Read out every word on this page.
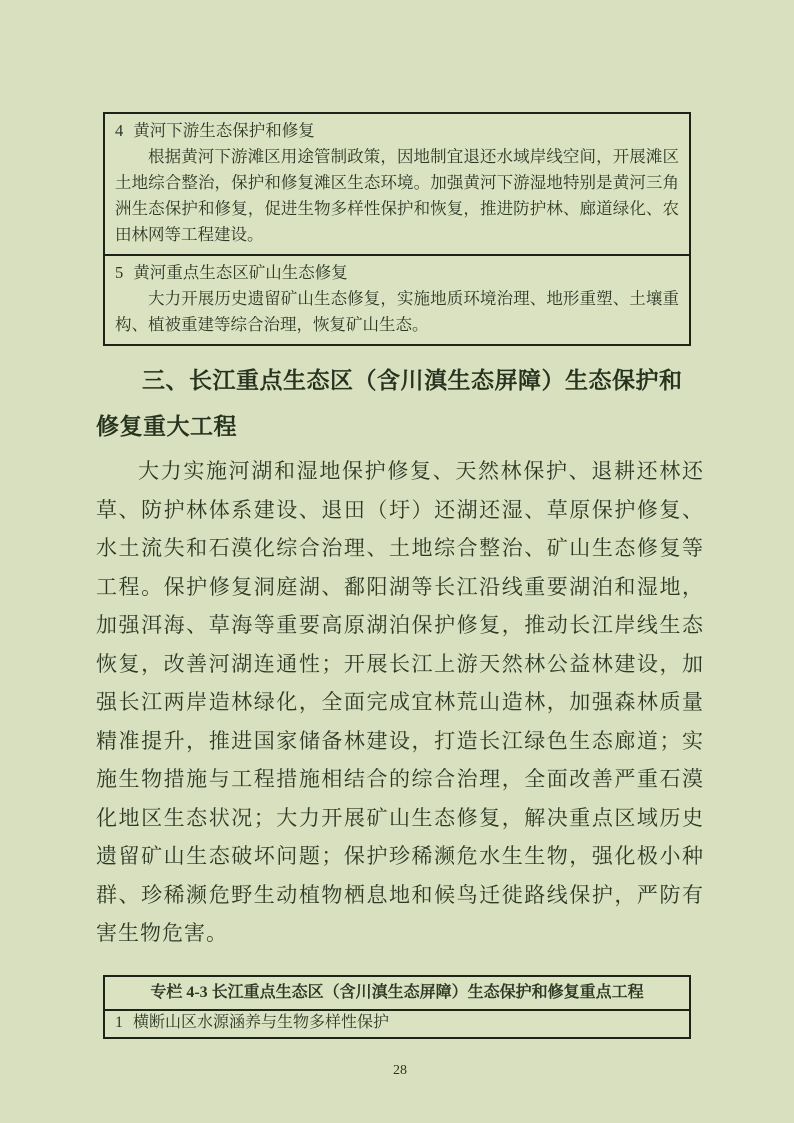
4 黄河下游生态保护和修复
根据黄河下游滩区用途管制政策，因地制宜退还水域岸线空间，开展滩区土地综合整治，保护和修复滩区生态环境。加强黄河下游湿地特别是黄河三角洲生态保护和修复，促进生物多样性保护和恢复，推进防护林、廊道绿化、农田林网等工程建设。
5 黄河重点生态区矿山生态修复
大力开展历史遗留矿山生态修复，实施地质环境治理、地形重塑、土壤重构、植被重建等综合治理，恢复矿山生态。
三、长江重点生态区（含川滇生态屏障）生态保护和修复重大工程

大力实施河湖和湿地保护修复、天然林保护、退耕还林还草、防护林体系建设、退田（圩）还湖还湿、草原保护修复、水土流失和石漠化综合治理、土地综合整治、矿山生态修复等工程。保护修复洞庭湖、鄱阳湖等长江沿线重要湖泊和湿地，加强洱海、草海等重要高原湖泊保护修复，推动长江岸线生态恢复，改善河湖连通性；开展长江上游天然林公益林建设，加强长江两岸造林绿化，全面完成宜林荒山造林，加强森林质量精准提升，推进国家储备林建设，打造长江绿色生态廊道；实施生物措施与工程措施相结合的综合治理，全面改善严重石漠化地区生态状况；大力开展矿山生态修复，解决重点区域历史遗留矿山生态破坏问题；保护珍稀濒危水生生物，强化极小种群、珍稀濒危野生动植物栖息地和候鸟迁徙路线保护，严防有害生物危害。

专栏 4-3 长江重点生态区（含川滇生态屏障）生态保护和修复重点工程
1 横断山区水源涵养与生物多样性保护
28
